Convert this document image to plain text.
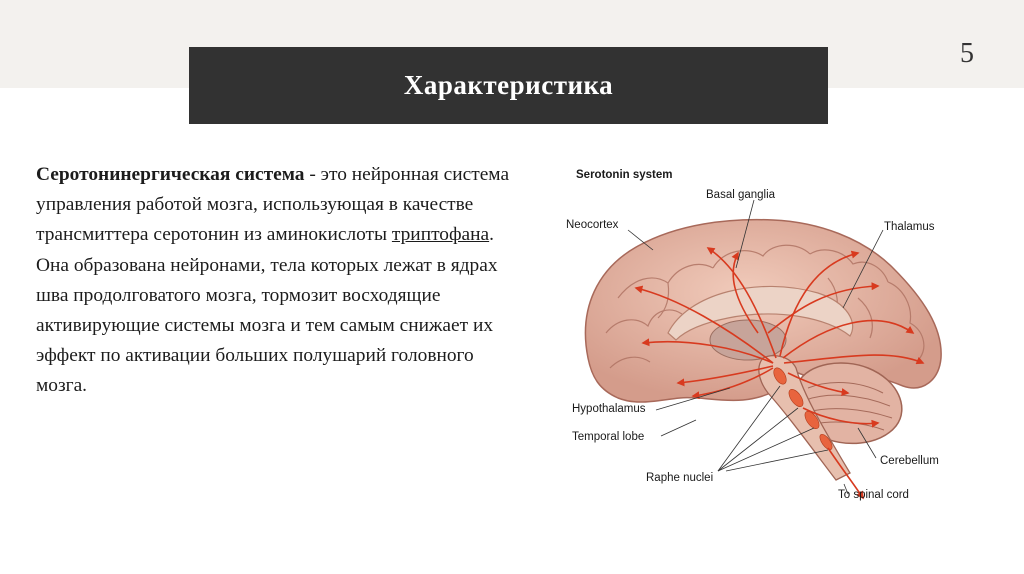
5
Характеристика

Серотонинергическая система - это нейронная система управления работой мозга, использующая в качестве трансмиттера серотонин из аминокислоты триптофана. Она образована нейронами, тела которых лежат в ядрах шва продолговатого мозга, тормозит восходящие активирующие системы мозга и тем самым снижает их эффект по активации больших полушарий головного мозга.

Serotonin system
Basal ganglia
Neocortex	Thalamus
Hypothalamus
Temporal lobe
Cerebellum
Raphe nuclei
To spinal cord
